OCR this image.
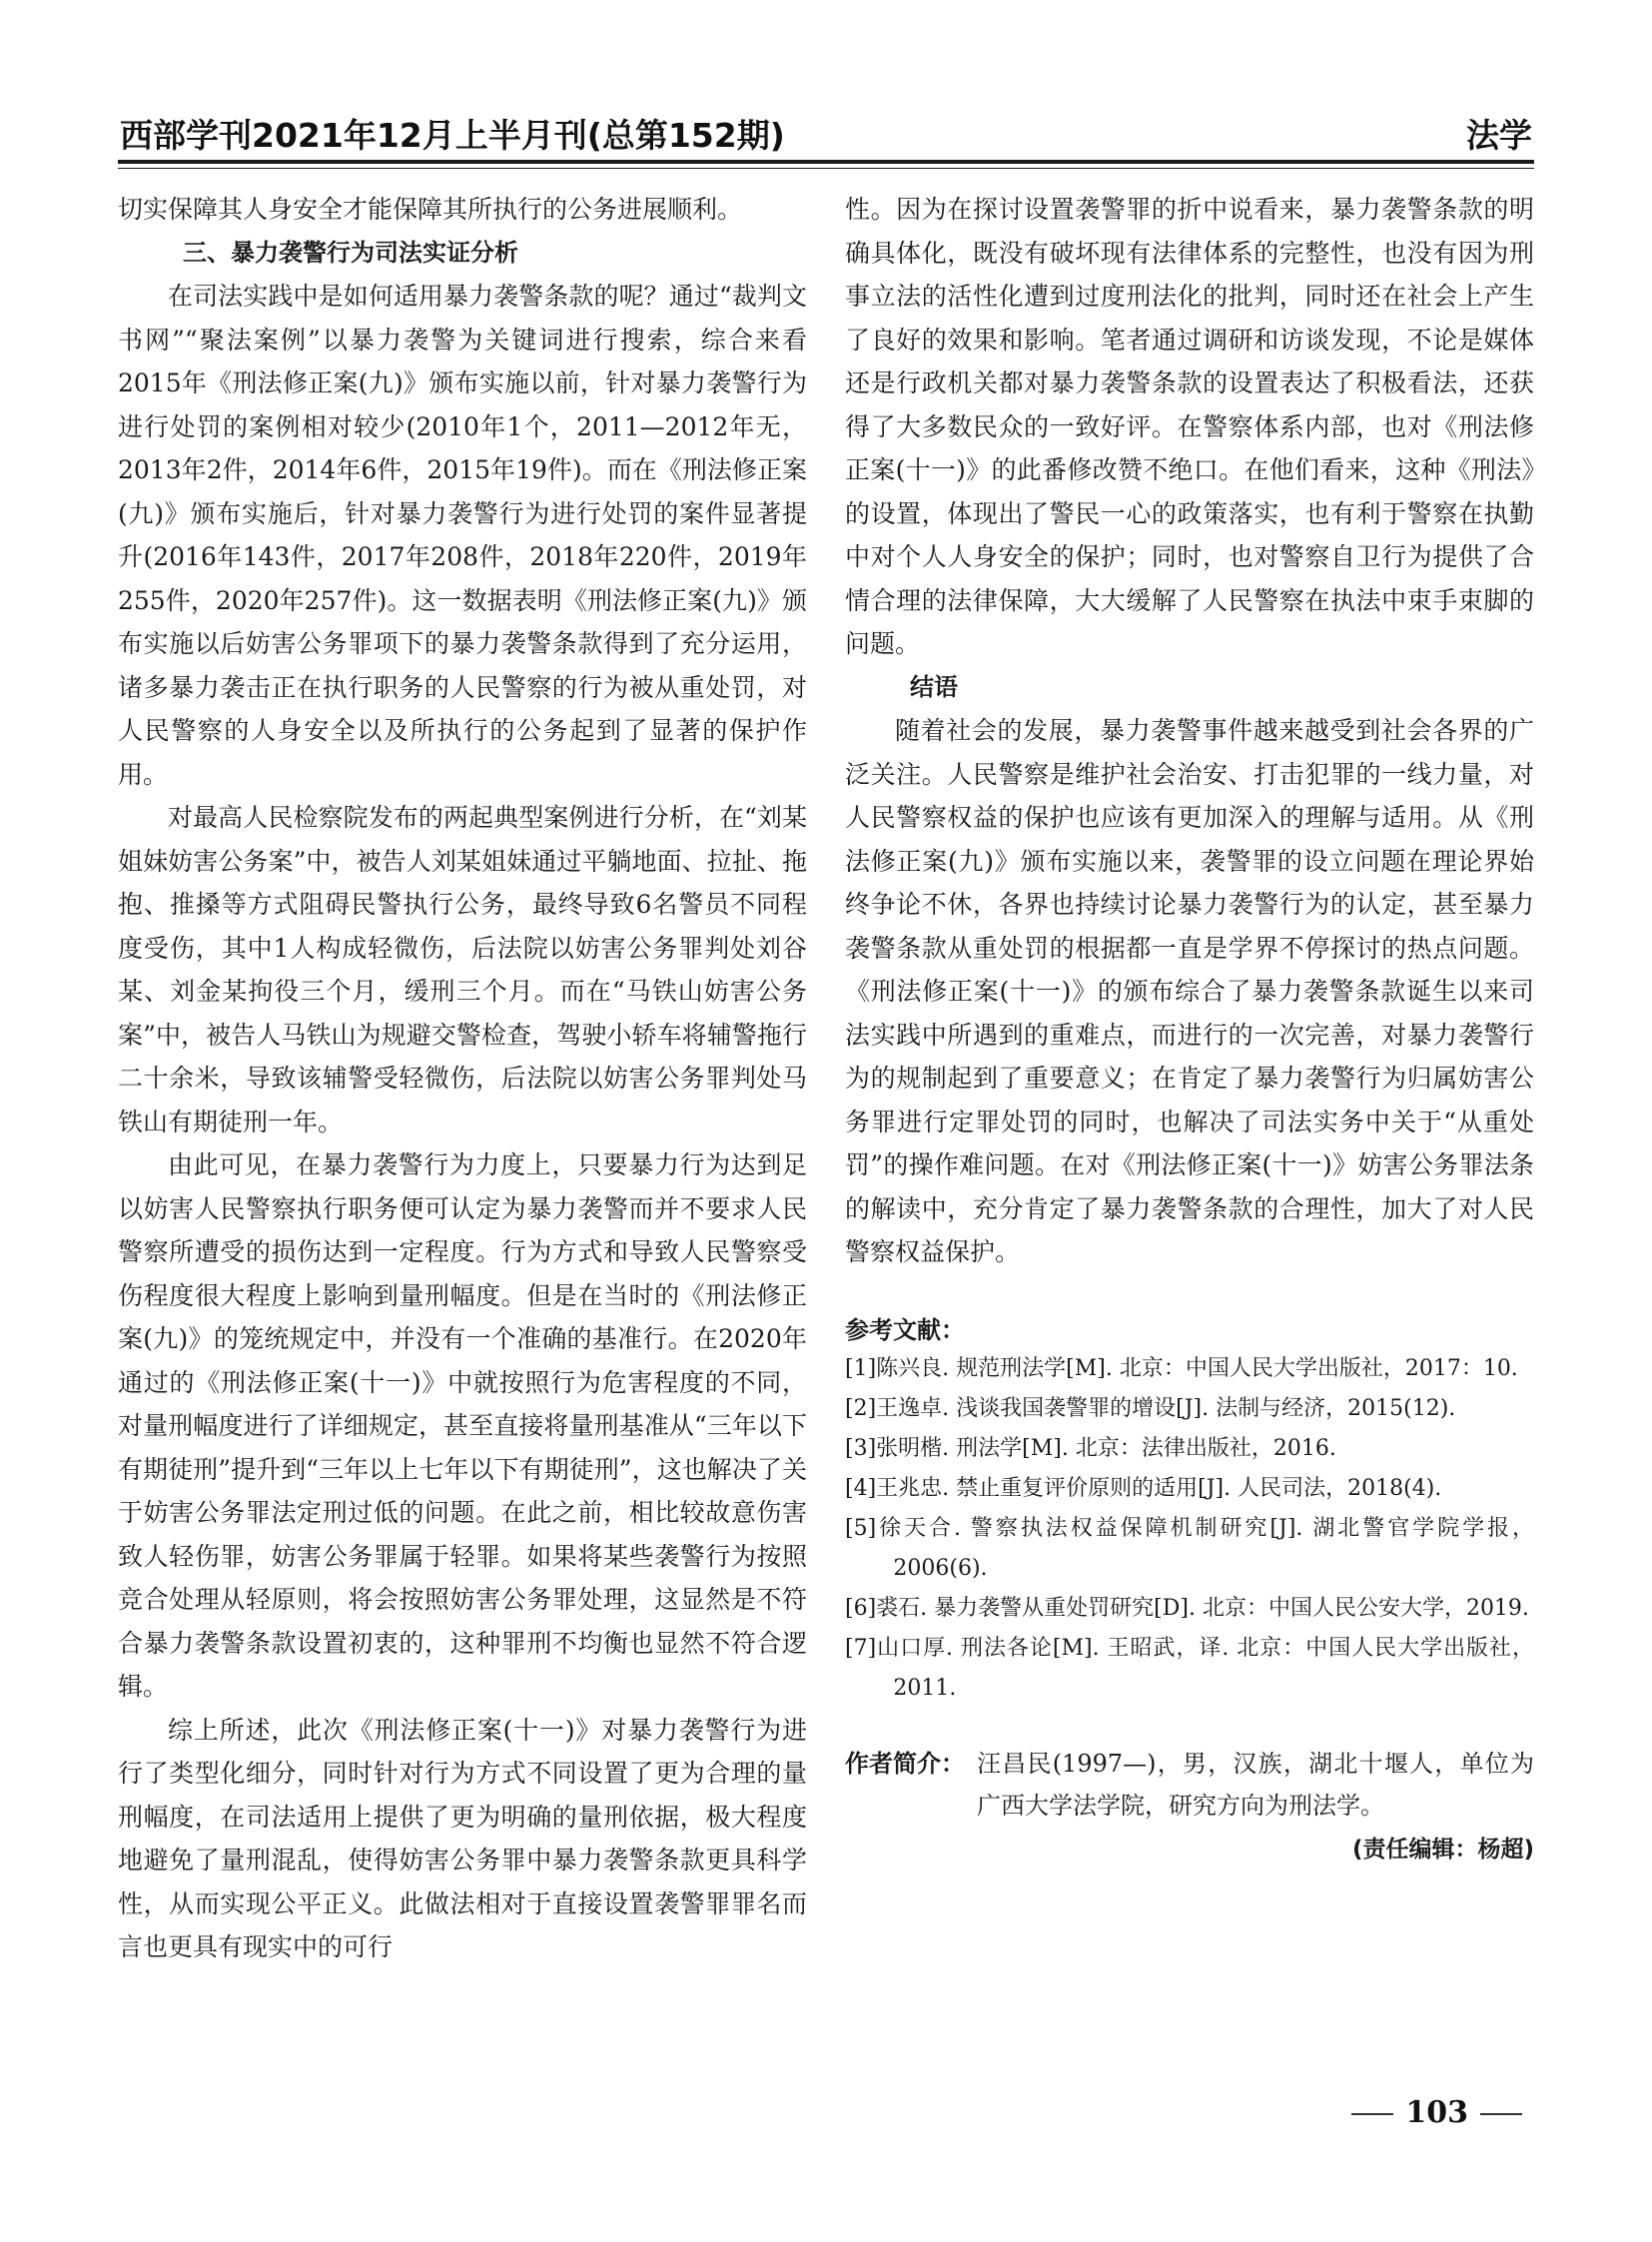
西部学刊2021年12月上半月刊(总第152期)	法学

切实保障其人身安全才能保障其所执行的公务进展顺利。

三、暴力袭警行为司法实证分析

在司法实践中是如何适用暴力袭警条款的呢？通过“裁判文书网”“聚法案例”以暴力袭警为关键词进行搜索，综合来看2015年《刑法修正案(九)》颁布实施以前，针对暴力袭警行为进行处罚的案例相对较少(2010年1个，2011—2012年无，2013年2件，2014年6件，2015年19件)。而在《刑法修正案(九)》颁布实施后，针对暴力袭警行为进行处罚的案件显著提升(2016年143件，2017年208件，2018年220件，2019年255件，2020年257件)。这一数据表明《刑法修正案(九)》颁布实施以后妨害公务罪项下的暴力袭警条款得到了充分运用，诸多暴力袭击正在执行职务的人民警察的行为被从重处罚，对人民警察的人身安全以及所执行的公务起到了显著的保护作用。

对最高人民检察院发布的两起典型案例进行分析，在“刘某姐妹妨害公务案”中，被告人刘某姐妹通过平躺地面、拉扯、拖抱、推搡等方式阻碍民警执行公务，最终导致6名警员不同程度受伤，其中1人构成轻微伤，后法院以妨害公务罪判处刘谷某、刘金某拘役三个月，缓刑三个月。而在“马铁山妨害公务案”中，被告人马铁山为规避交警检查，驾驶小轿车将辅警拖行二十余米，导致该辅警受轻微伤，后法院以妨害公务罪判处马铁山有期徒刑一年。

由此可见，在暴力袭警行为力度上，只要暴力行为达到足以妨害人民警察执行职务便可认定为暴力袭警而并不要求人民警察所遭受的损伤达到一定程度。行为方式和导致人民警察受伤程度很大程度上影响到量刑幅度。但是在当时的《刑法修正案(九)》的笼统规定中，并没有一个准确的基准行。在2020年通过的《刑法修正案(十一)》中就按照行为危害程度的不同，对量刑幅度进行了详细规定，甚至直接将量刑基准从“三年以下有期徒刑”提升到“三年以上七年以下有期徒刑”，这也解决了关于妨害公务罪法定刑过低的问题。在此之前，相比较故意伤害致人轻伤罪，妨害公务罪属于轻罪。如果将某些袭警行为按照竞合处理从轻原则，将会按照妨害公务罪处理，这显然是不符合暴力袭警条款设置初衷的，这种罪刑不均衡也显然不符合逻辑。

综上所述，此次《刑法修正案(十一)》对暴力袭警行为进行了类型化细分，同时针对行为方式不同设置了更为合理的量刑幅度，在司法适用上提供了更为明确的量刑依据，极大程度地避免了量刑混乱，使得妨害公务罪中暴力袭警条款更具科学性，从而实现公平正义。此做法相对于直接设置袭警罪罪名而言也更具有现实中的可行

性。因为在探讨设置袭警罪的折中说看来，暴力袭警条款的明确具体化，既没有破坏现有法律体系的完整性，也没有因为刑事立法的活性化遭到过度刑法化的批判，同时还在社会上产生了良好的效果和影响。笔者通过调研和访谈发现，不论是媒体还是行政机关都对暴力袭警条款的设置表达了积极看法，还获得了大多数民众的一致好评。在警察体系内部，也对《刑法修正案(十一)》的此番修改赞不绝口。在他们看来，这种《刑法》的设置，体现出了警民一心的政策落实，也有利于警察在执勤中对个人人身安全的保护；同时，也对警察自卫行为提供了合情合理的法律保障，大大缓解了人民警察在执法中束手束脚的问题。

结语

随着社会的发展，暴力袭警事件越来越受到社会各界的广泛关注。人民警察是维护社会治安、打击犯罪的一线力量，对人民警察权益的保护也应该有更加深入的理解与适用。从《刑法修正案(九)》颁布实施以来，袭警罪的设立问题在理论界始终争论不休，各界也持续讨论暴力袭警行为的认定，甚至暴力袭警条款从重处罚的根据都一直是学界不停探讨的热点问题。《刑法修正案(十一)》的颁布综合了暴力袭警条款诞生以来司法实践中所遇到的重难点，而进行的一次完善，对暴力袭警行为的规制起到了重要意义；在肯定了暴力袭警行为归属妨害公务罪进行定罪处罚的同时，也解决了司法实务中关于“从重处罚”的操作难问题。在对《刑法修正案(十一)》妨害公务罪法条的解读中，充分肯定了暴力袭警条款的合理性，加大了对人民警察权益保护。

参考文献：

[1]陈兴良. 规范刑法学[M]. 北京：中国人民大学出版社，2017：10.

[2]王逸卓. 浅谈我国袭警罪的增设[J]. 法制与经济，2015(12).

[3]张明楷. 刑法学[M]. 北京：法律出版社，2016.

[4]王兆忠. 禁止重复评价原则的适用[J]. 人民司法，2018(4).

[5]徐天合. 警察执法权益保障机制研究[J]. 湖北警官学院学报，2006(6).

[6]裘石. 暴力袭警从重处罚研究[D]. 北京：中国人民公安大学，2019.

[7]山口厚. 刑法各论[M]. 王昭武，译. 北京：中国人民大学出版社，2011.

作者简介： 汪昌民(1997—)，男，汉族，湖北十堰人，单位为广西大学法学院，研究方向为刑法学。
(责任编辑：杨超)
103
